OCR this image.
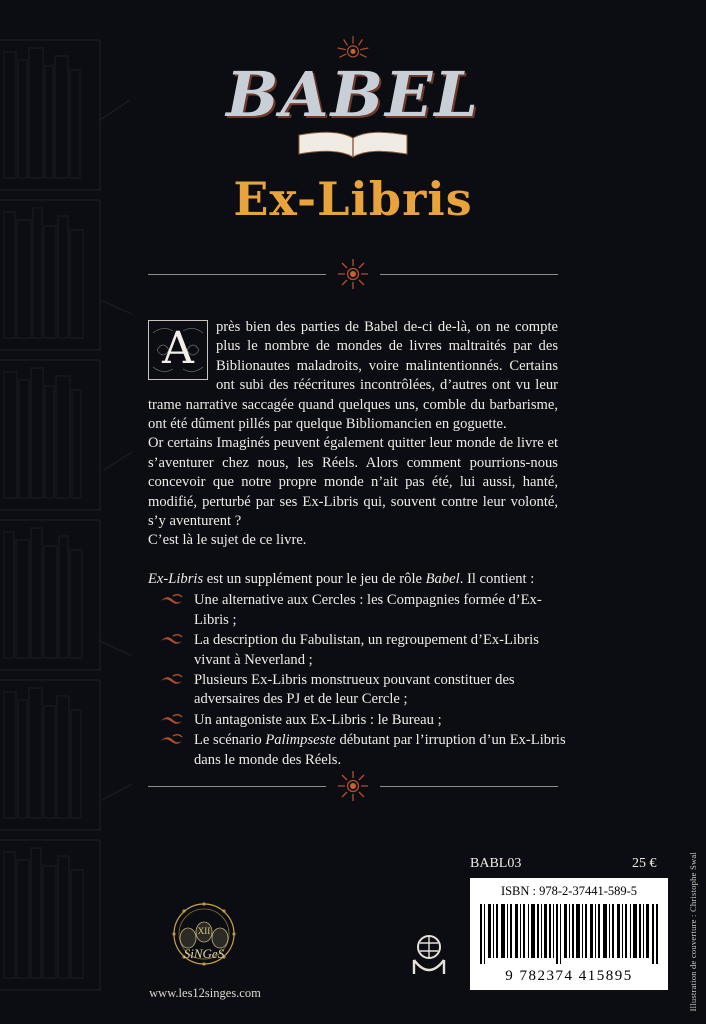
BABEL
Ex-Libris
A	près bien des parties de Babel de-ci de-là, on ne compte plus le nombre de mondes de livres maltraités par des Biblionautes maladroits, voire malintentionnés. Certains ont subi des réécritures incontrôlées, d’autres ont vu leur trame narrative saccagée quand quelques uns, comble du barbarisme, ont été dûment pillés par quelque Bibliomancien en goguette.

Or certains Imaginés peuvent également quitter leur monde de livre et s’aventurer chez nous, les Réels. Alors comment pourrions-nous concevoir que notre propre monde n’ait pas été, lui aussi, hanté, modifié, perturbé par ses Ex-Libris qui, souvent contre leur volonté, s’y aventurent ?

C’est là le sujet de ce livre.

Ex-Libris est un supplément pour le jeu de rôle Babel. Il contient :

Une alternative aux Cercles : les Compagnies formée d’Ex-Libris ;
La description du Fabulistan, un regroupement d’Ex-Libris vivant à Neverland ;
Plusieurs Ex-Libris monstrueux pouvant constituer des adversaires des PJ et de leur Cercle ;
Un antagoniste aux Ex-Libris : le Bureau ;
Le scénario Palimpseste débutant par l’irruption d’un Ex-Libris dans le monde des Réels.
BABL03	25 €
ISBN : 978-2-37441-589-5
9 782374 415895	Illustration de couverture : Christophe Swal
XII
SiNGeS
www.les12singes.com
